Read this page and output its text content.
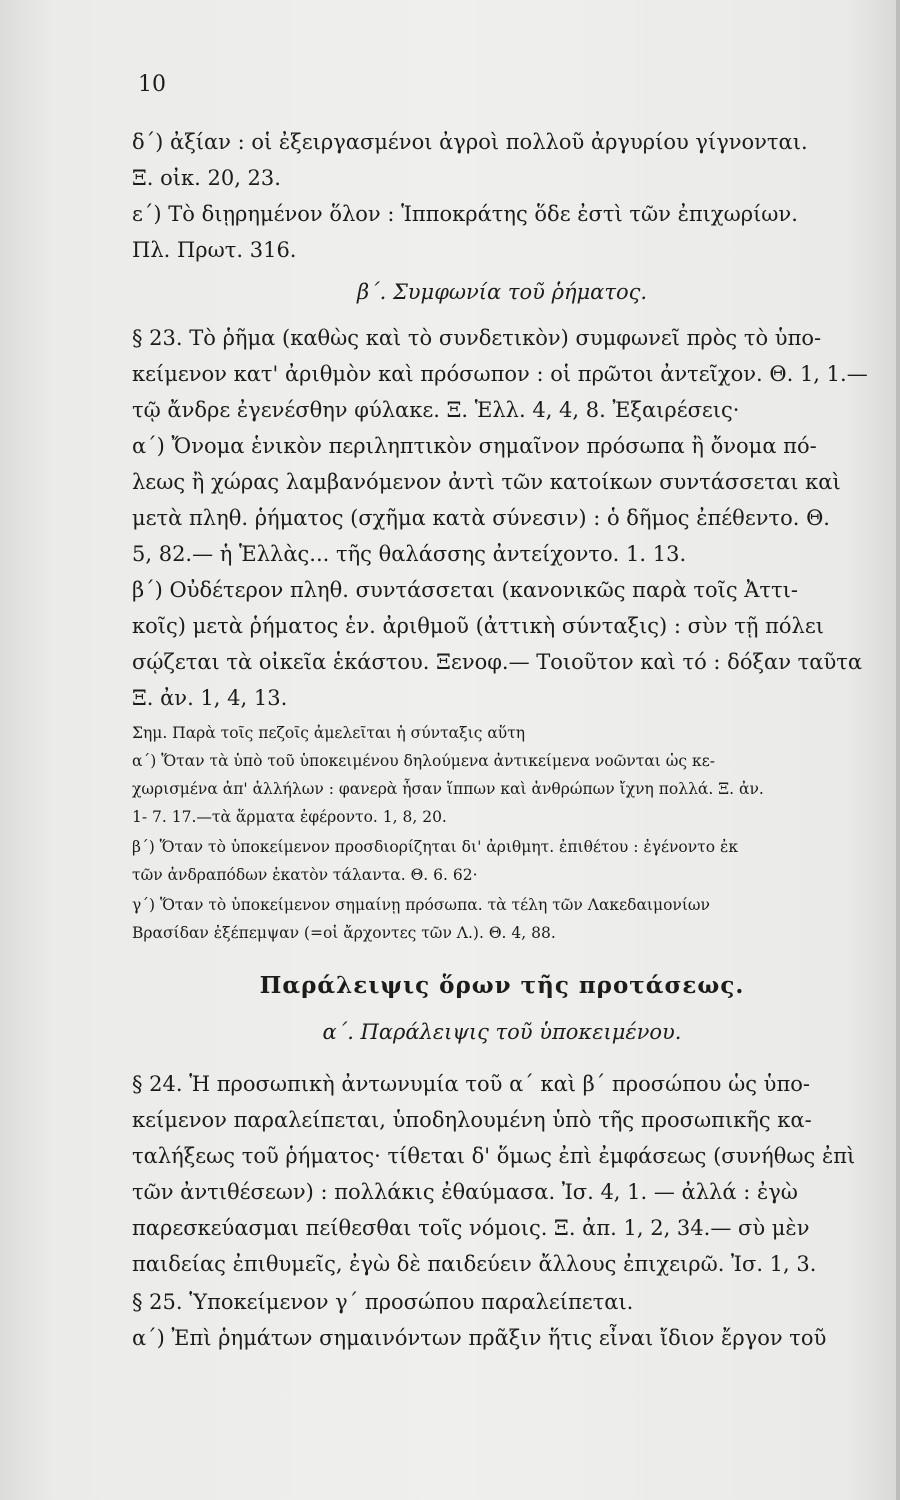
10

δ΄) ἀξίαν : οἱ ἐξειργασμένοι ἀγροὶ πολλοῦ ἀργυρίου γίγνονται.

Ξ. οἰκ. 20, 23.

ε΄) Τὸ διῃρημένον ὅλον : Ἱπποκράτης ὅδε ἐστὶ τῶν ἐπιχωρίων.

Πλ. Πρωτ. 316.

β΄. Συμφωνία τοῦ ῥήματος.

§ 23. Τὸ ῥῆμα (καθὼς καὶ τὸ συνδετικὸν) συμφωνεῖ πρὸς τὸ ὑπο-

κείμενον κατ' ἀριθμὸν καὶ πρόσωπον : οἱ πρῶτοι ἀντεῖχον. Θ. 1, 1.—

τῷ ἄνδρε ἐγενέσθην φύλακε. Ξ. Ἑλλ. 4, 4, 8. Ἐξαιρέσεις·

α΄) Ὄνομα ἑνικὸν περιληπτικὸν σημαῖνον πρόσωπα ἢ ὄνομα πό-

λεως ἢ χώρας λαμβανόμενον ἀντὶ τῶν κατοίκων συντάσσεται καὶ

μετὰ πληθ. ῥήματος (σχῆμα κατὰ σύνεσιν) : ὁ δῆμος ἐπέθεντο. Θ.

5, 82.— ἡ Ἑλλὰς... τῆς θαλάσσης ἀντείχοντο. 1. 13.

β΄) Οὐδέτερον πληθ. συντάσσεται (κανονικῶς παρὰ τοῖς Ἀττι-

κοῖς) μετὰ ῥήματος ἑν. ἀριθμοῦ (ἀττικὴ σύνταξις) : σὺν τῇ πόλει

σῴζεται τὰ οἰκεῖα ἑκάστου. Ξενοφ.— Τοιοῦτον καὶ τό : δόξαν ταῦτα

Ξ. ἀν. 1, 4, 13.

Σημ. Παρὰ τοῖς πεζοῖς ἀμελεῖται ἡ σύνταξις αὕτη

α΄) Ὅταν τὰ ὑπὸ τοῦ ὑποκειμένου δηλούμενα ἀντικείμενα νοῶνται ὡς κε-

χωρισμένα ἀπ' ἀλλήλων : φανερὰ ἦσαν ἵππων καὶ ἀνθρώπων ἴχνη πολλά. Ξ. ἀν.

1- 7. 17.—τὰ ἅρματα ἐφέροντο. 1, 8, 20.

β΄) Ὅταν τὸ ὑποκείμενον προσδιορίζηται δι' ἀριθμητ. ἐπιθέτου : ἐγένοντο ἐκ

τῶν ἀνδραπόδων ἑκατὸν τάλαντα. Θ. 6. 62·

γ΄) Ὅταν τὸ ὑποκείμενον σημαίνῃ πρόσωπα. τὰ τέλη τῶν Λακεδαιμονίων

Βρασίδαν ἐξέπεμψαν (=οἱ ἄρχοντες τῶν Λ.). Θ. 4, 88.

Παράλειψις ὅρων τῆς προτάσεως.
α΄. Παράλειψις τοῦ ὑποκειμένου.

§ 24. Ἡ προσωπικὴ ἀντωνυμία τοῦ α΄ καὶ β΄ προσώπου ὡς ὑπο-

κείμενον παραλείπεται, ὑποδηλουμένη ὑπὸ τῆς προσωπικῆς κα-

ταλήξεως τοῦ ῥήματος· τίθεται δ' ὅμως ἐπὶ ἐμφάσεως (συνήθως ἐπὶ

τῶν ἀντιθέσεων) : πολλάκις ἐθαύμασα. Ἰσ. 4, 1. — ἀλλά : ἐγὼ

παρεσκεύασμαι πείθεσθαι τοῖς νόμοις. Ξ. ἀπ. 1, 2, 34.— σὺ μὲν

παιδείας ἐπιθυμεῖς, ἐγὼ δὲ παιδεύειν ἄλλους ἐπιχειρῶ. Ἰσ. 1, 3.

§ 25. Ὑποκείμενον γ΄ προσώπου παραλείπεται.

α΄) Ἐπὶ ῥημάτων σημαινόντων πρᾶξιν ἥτις εἶναι ἴδιον ἔργον τοῦ
